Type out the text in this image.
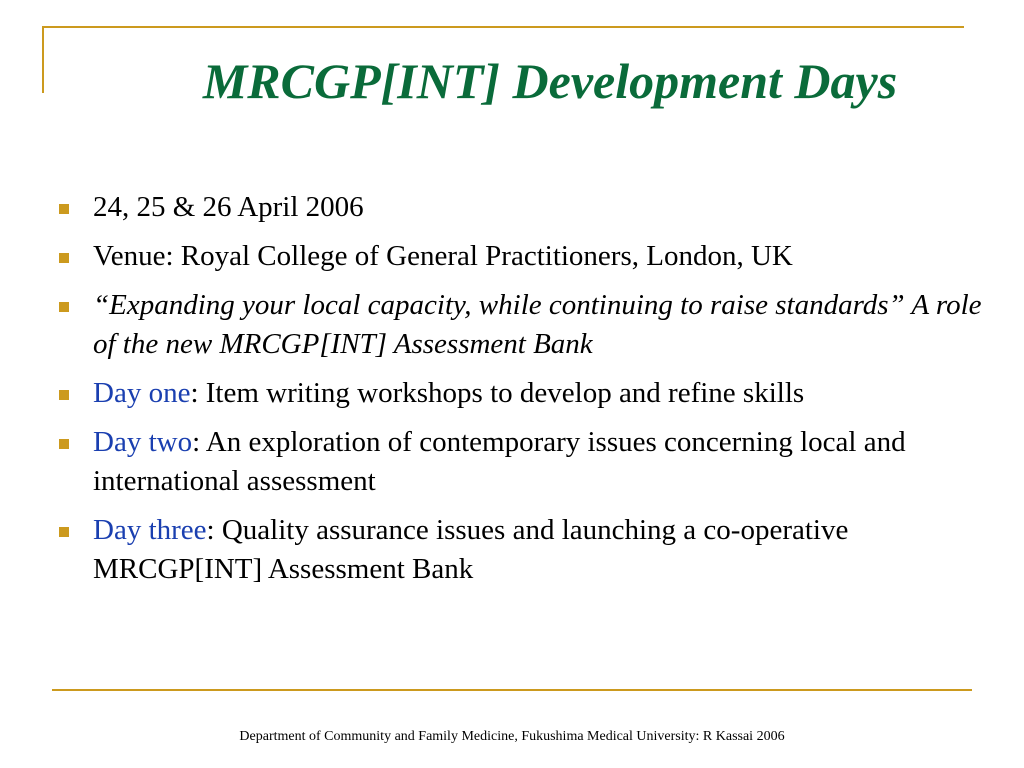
MRCGP[INT] Development Days
24, 25 & 26 April 2006
Venue: Royal College of General Practitioners, London, UK
“Expanding your local capacity, while continuing to raise standards” A role of the new MRCGP[INT] Assessment Bank
Day one: Item writing workshops to develop and refine skills
Day two: An exploration of contemporary issues concerning local and international assessment
Day three: Quality assurance issues and launching a co-operative MRCGP[INT] Assessment Bank
Department of Community and Family Medicine, Fukushima Medical University: R Kassai 2006
